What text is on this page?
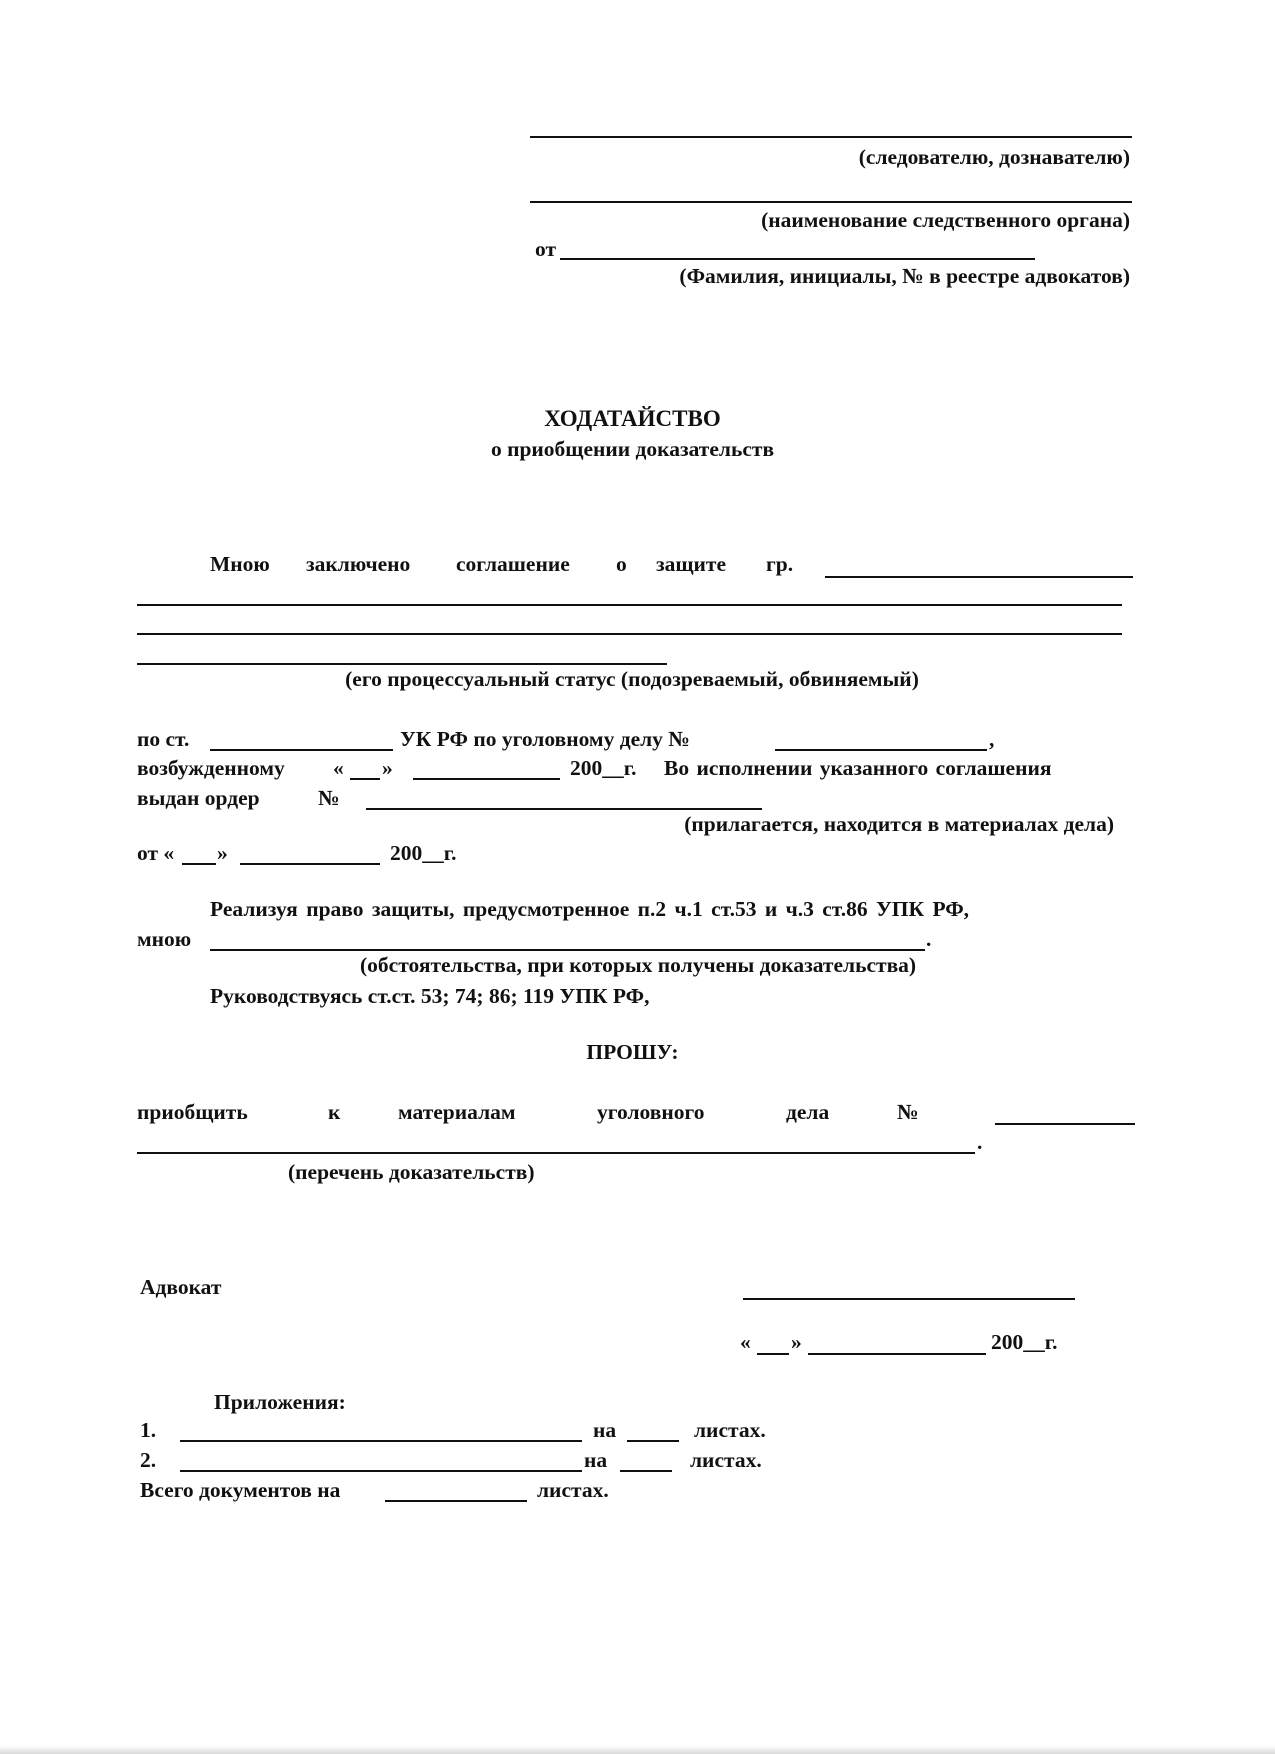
(следователю, дознавателю)
(наименование следственного органа)
от
(Фамилия, инициалы, № в реестре адвокатов)
ХОДАТАЙСТВО
о приобщении доказательств
Мною заключено соглашение о защите гр.
(его процессуальный статус (подозреваемый, обвиняемый)
по ст.	УК РФ по уголовному делу №	,
возбужденному « »	200__г. Во исполнении указанного соглашения
выдан ордер	№
(прилагается, находится в материалах дела)
от « »	200__г.
Реализуя право защиты, предусмотренное п.2 ч.1 ст.53 и ч.3 ст.86 УПК РФ,
мною	.
(обстоятельства, при которых получены доказательства)
Руководствуясь ст.ст. 53; 74; 86; 119 УПК РФ,
ПРОШУ:
приобщить	к	материалам	уголовного	дела	№
.
(перечень доказательств)
Адвокат
« »	200__г.
Приложения:
1.	на	листах.
2.	на	листах.
Всего документов на	листах.
